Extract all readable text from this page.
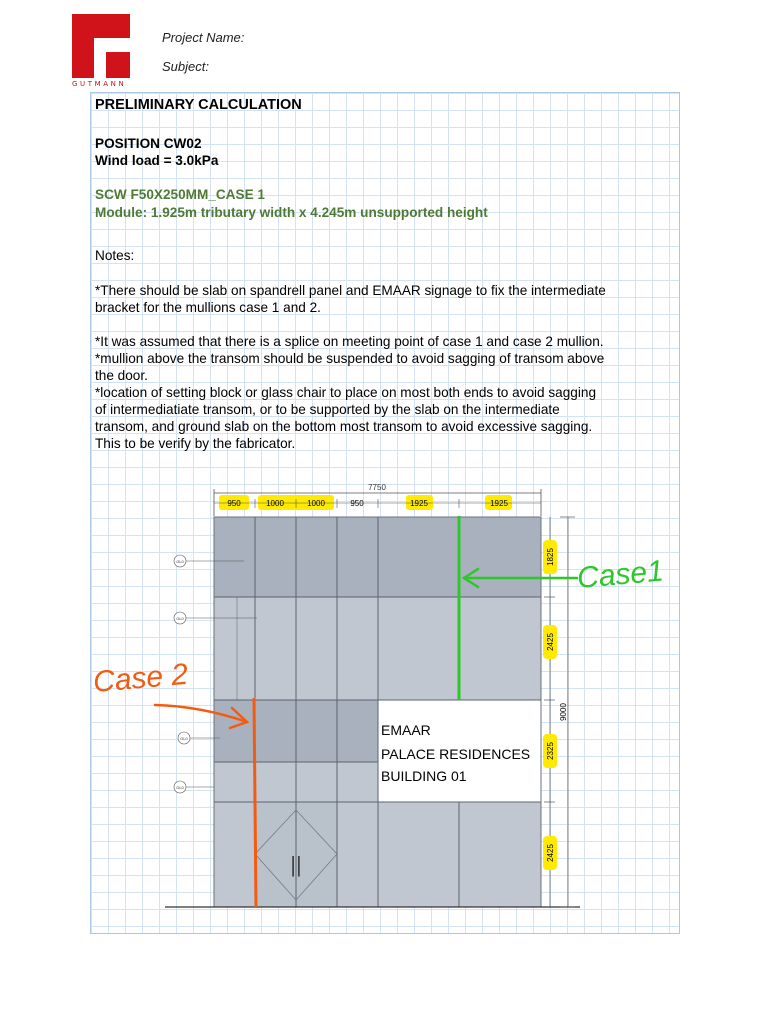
GUTMANN
Project Name:
Subject:
PRELIMINARY CALCULATION
POSITION CW02
Wind load = 3.0kPa
SCW F50X250MM_CASE 1
Module: 1.925m tributary width x 4.245m unsupported height
Notes:
*There should be slab on spandrell panel and EMAAR signage to fix the intermediate
bracket for the mullions case 1 and 2.
*It was assumed that there is a splice on meeting point of case 1 and case 2 mullion.
*mullion above the transom should be suspended to avoid sagging of transom above
the door.
*location of setting block or glass chair to place on most both ends to avoid sagging
of intermediatiate transom, or to be supported by the slab on the intermediate
transom, and ground slab on the bottom most transom to avoid excessive sagging.
This to be verify by the fabricator.
7750
950	1000	1000	950	1925	1925
||
EMAAR
PALACE RESIDENCES
BUILDING 01
GL0
GL0
GL0
GL0
1825
2425
2325
2425
9000
Case1
Case 2
